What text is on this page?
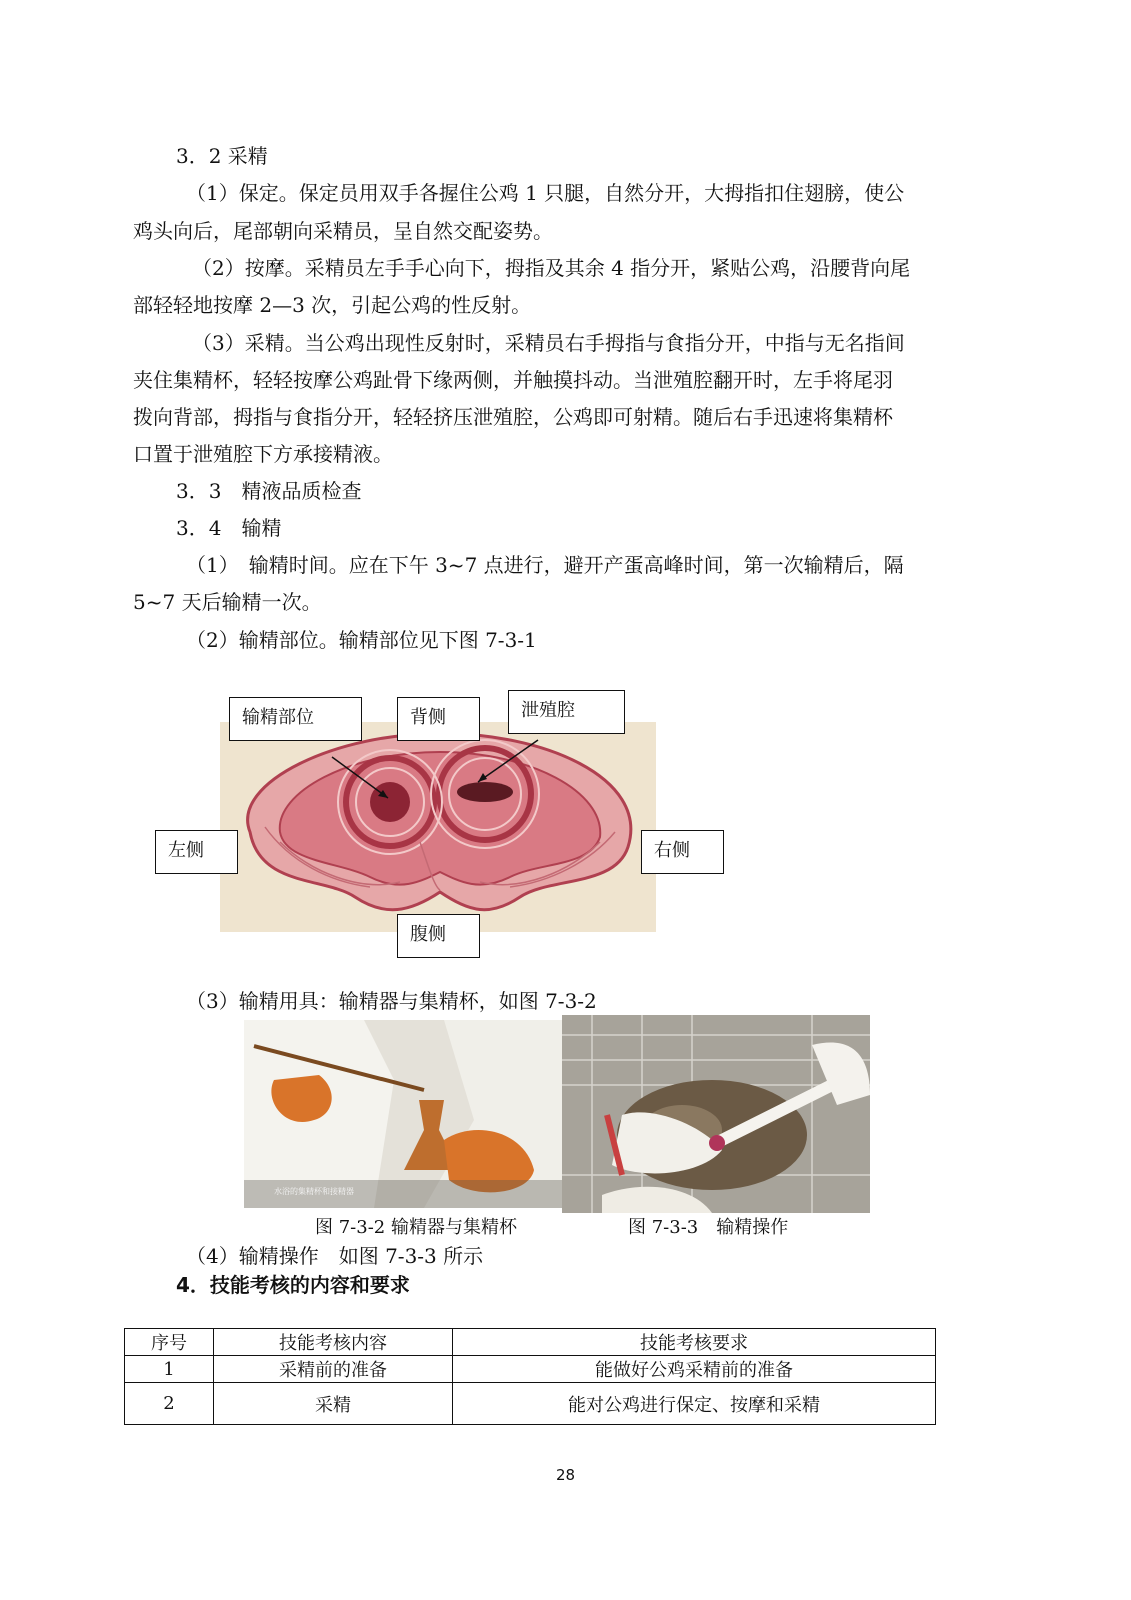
3．2 采精
（1）保定。保定员用双手各握住公鸡 1 只腿，自然分开，大拇指扣住翅膀，使公
鸡头向后，尾部朝向采精员，呈自然交配姿势。
（2）按摩。采精员左手手心向下，拇指及其余 4 指分开，紧贴公鸡，沿腰背向尾
部轻轻地按摩 2—3 次，引起公鸡的性反射。
（3）采精。当公鸡出现性反射时，采精员右手拇指与食指分开，中指与无名指间
夹住集精杯，轻轻按摩公鸡趾骨下缘两侧，并触摸抖动。当泄殖腔翻开时，左手将尾羽
拨向背部，拇指与食指分开，轻轻挤压泄殖腔，公鸡即可射精。随后右手迅速将集精杯
口置于泄殖腔下方承接精液。
3．3　精液品质检查
3．4　输精
（1）　输精时间。应在下午 3~7 点进行，避开产蛋高峰时间，第一次输精后，隔
5~7 天后输精一次。
（2）输精部位。输精部位见下图 7-3-1
输精部位	背侧	泄殖腔
左侧	右侧
腹侧
（3）输精用具：输精器与集精杯，如图 7-3-2
水浴的集精杯和接精器
图 7-3-2 输精器与集精杯	图 7-3-3　输精操作
（4）输精操作　如图 7-3-3 所示
4．技能考核的内容和要求
序号	技能考核内容	技能考核要求
1	采精前的准备	能做好公鸡采精前的准备
2	采精	能对公鸡进行保定、按摩和采精
28
